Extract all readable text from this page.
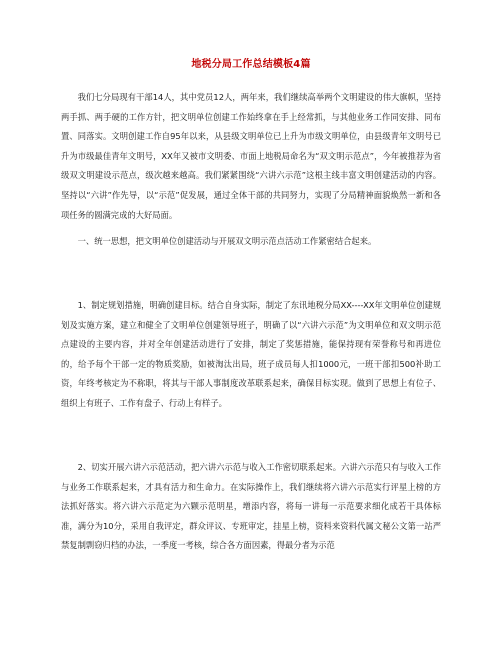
地税分局工作总结模板4篇

我们七分局现有干部14人，其中党员12人，两年来，我们继续高举两个文明建设的伟大旗帜，坚持两手抓、两手硬的工作方针，把文明单位创建工作始终拿在手上经常抓，与其他业务工作同安排、同布置、同落实。文明创建工作自95年以来，从县级文明单位已上升为市级文明单位，由县级青年文明号已升为市级最佳青年文明号，XX年又被市文明委、市面上地税局命名为“双文明示范点”，今年被推荐为省级双文明建设示范点，级次越来越高。我们紧紧围绕“六讲六示范”这根主线丰富文明创建活动的内容。坚持以“六讲”作先导，以“示范”促发展，通过全体干部的共同努力，实现了分局精神面貌焕然一新和各项任务的圆满完成的大好局面。

一、统一思想，把文明单位创建活动与开展双文明示范点活动工作紧密结合起来。

1、制定规划措施，明确创建目标。结合自身实际，制定了东讯地税分局XX----XX年文明单位创建规划及实施方案，建立和健全了文明单位创建领导班子，明确了以“六讲六示范”为文明单位和双文明示范点建设的主要内容，并对全年创建活动进行了安排，制定了奖惩措施，能保持现有荣誉称号和再进位的，给予每个干部一定的物质奖励，如被淘汰出局，班子成员每人扣1000元，一班干部扣500补助工资，年终考核定为不称职，将其与干部人事制度改革联系起来，确保目标实现。做到了思想上有位子、组织上有班子、工作有盘子、行动上有样子。

2、切实开展六讲六示范活动，把六讲六示范与收入工作密切联系起来。六讲六示范只有与收入工作与业务工作联系起来，才具有活力和生命力。在实际操作上，我们继续将六讲六示范实行评星上榜的方法抓好落实。将六讲六示范定为六颗示范明星，增添内容，将每一讲每一示范要求细化成若干具体标准，满分为10分，采用自我评定，群众评议、专班审定，挂星上榜，资料来资料代属文秘公文第一站严禁复制剽窃归档的办法，一季度一考核，综合各方面因素，得最分者为示范
